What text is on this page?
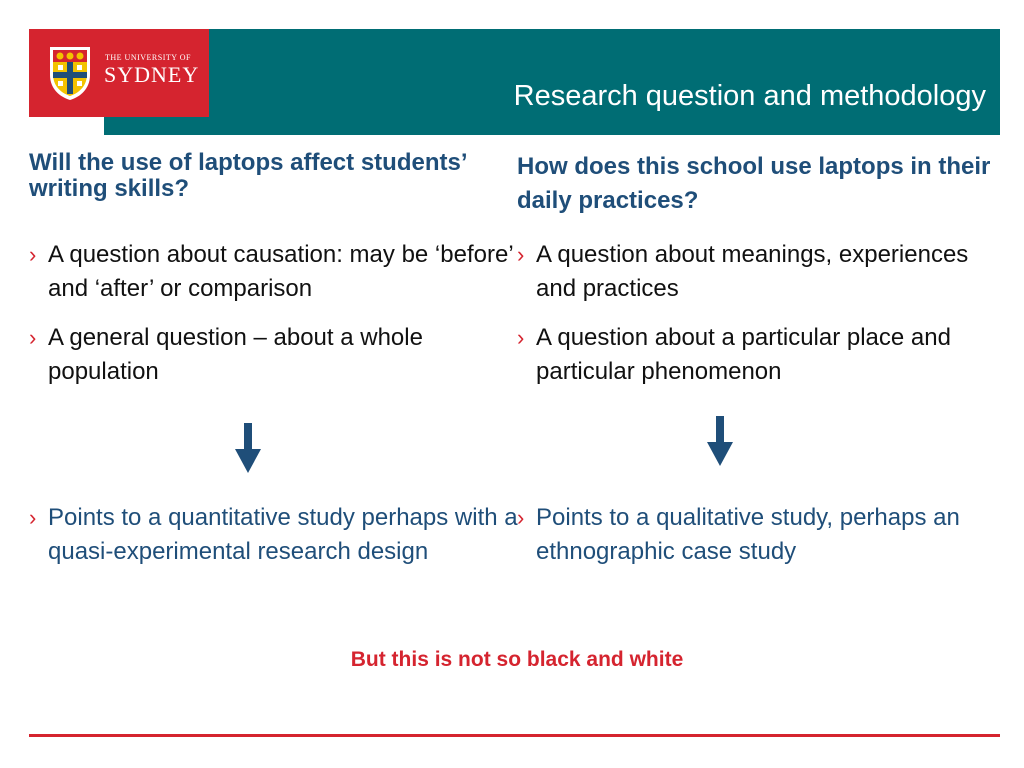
Research question and methodology
THE UNIVERSITY OF
SYDNEY
Will the use of laptops affect students’ writing skills?
› A question about causation: may be ‘before’ and ‘after’ or comparison
› A general question – about a whole population
› Points to a quantitative study perhaps with a quasi-experimental research design
How does this school use laptops in their daily practices?
› A question about meanings, experiences and practices
› A question about a particular place and particular phenomenon
› Points to a qualitative study, perhaps an ethnographic case study
But this is not so black and white
